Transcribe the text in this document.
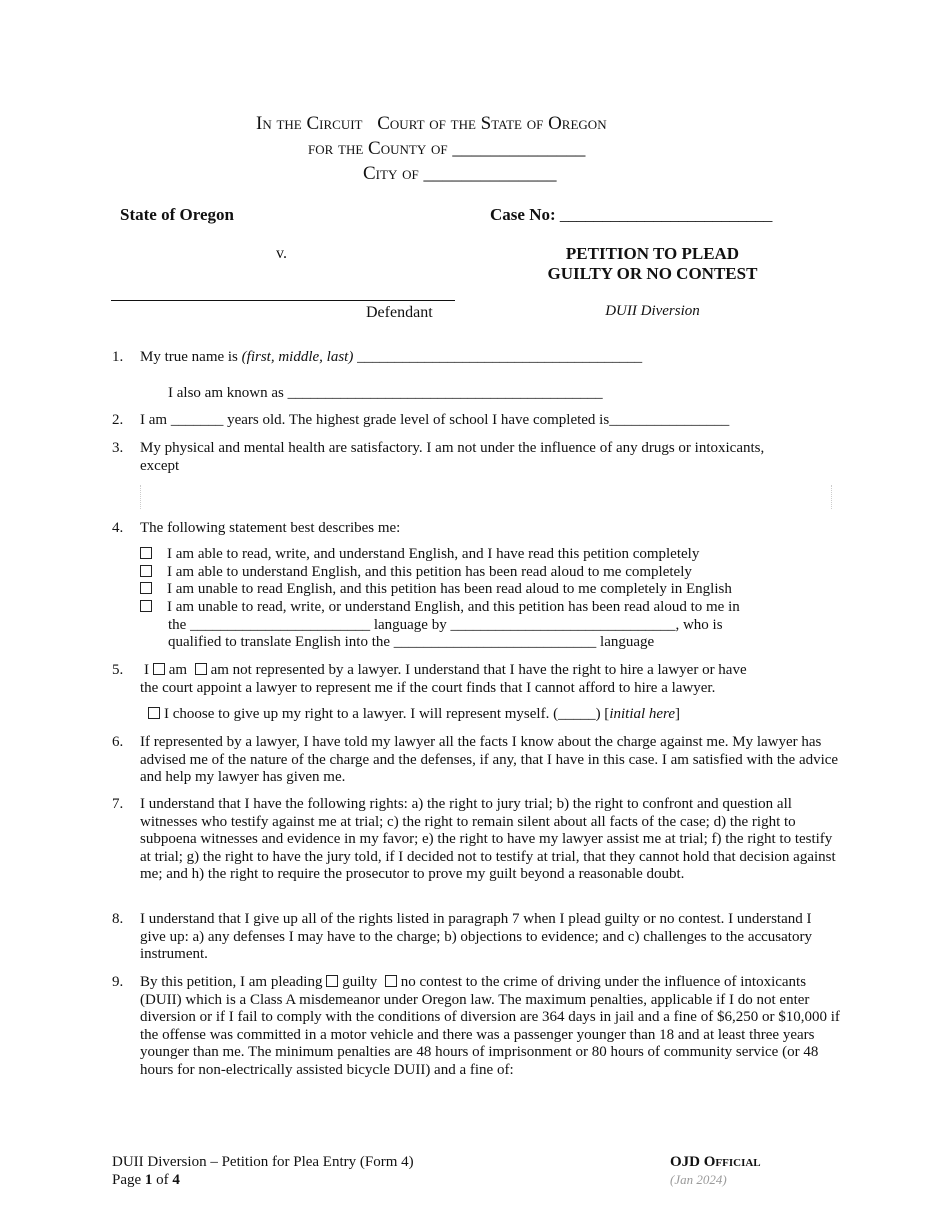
In the Circuit Court of the State of Oregon
for the County of ______________
City of ______________
State of Oregon	Case No: _________________________
v.	PETITION TO PLEAD
GUILTY OR NO CONTEST
Defendant	DUII Diversion
1. My true name is (first, middle, last) ______________________________________
I also am known as __________________________________________
2. I am _______ years old. The highest grade level of school I have completed is________________
3. My physical and mental health are satisfactory. I am not under the influence of any drugs or intoxicants, except
4. The following statement best describes me:
I am able to read, write, and understand English, and I have read this petition completely
I am able to understand English, and this petition has been read aloud to me completely
I am unable to read English, and this petition has been read aloud to me completely in English
I am unable to read, write, or understand English, and this petition has been read aloud to me in
the ________________________ language by ______________________________, who is
qualified to translate English into the ___________________________ language
5. I am am not represented by a lawyer. I understand that I have the right to hire a lawyer or have
the court appoint a lawyer to represent me if the court finds that I cannot afford to hire a lawyer.
I choose to give up my right to a lawyer. I will represent myself. (_____) [initial here]
6. If represented by a lawyer, I have told my lawyer all the facts I know about the charge against me. My lawyer has advised me of the nature of the charge and the defenses, if any, that I have in this case. I am satisfied with the advice and help my lawyer has given me.
7. I understand that I have the following rights: a) the right to jury trial; b) the right to confront and question all witnesses who testify against me at trial; c) the right to remain silent about all facts of the case; d) the right to subpoena witnesses and evidence in my favor; e) the right to have my lawyer assist me at trial; f) the right to testify at trial; g) the right to have the jury told, if I decided not to testify at trial, that they cannot hold that decision against me; and h) the right to require the prosecutor to prove my guilt beyond a reasonable doubt.
8. I understand that I give up all of the rights listed in paragraph 7 when I plead guilty or no contest. I understand I give up: a) any defenses I may have to the charge; b) objections to evidence; and c) challenges to the accusatory instrument.
9. By this petition, I am pleading guilty no contest to the crime of driving under the influence of intoxicants (DUII) which is a Class A misdemeanor under Oregon law. The maximum penalties, applicable if I do not enter diversion or if I fail to comply with the conditions of diversion are 364 days in jail and a fine of $6,250 or $10,000 if the offense was committed in a motor vehicle and there was a passenger younger than 18 and at least three years younger than me. The minimum penalties are 48 hours of imprisonment or 80 hours of community service (or 48 hours for non-electrically assisted bicycle DUII) and a fine of:
DUII Diversion – Petition for Plea Entry (Form 4)
Page 1 of 4
OJD Official
(Jan 2024)
